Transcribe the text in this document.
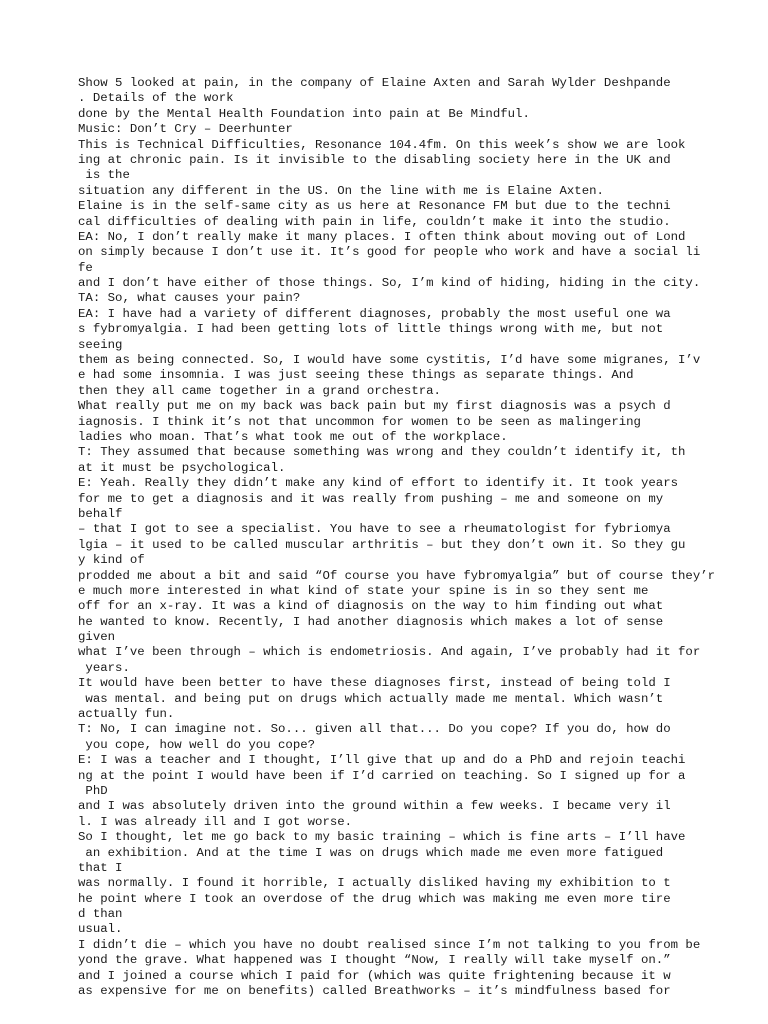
Show 5 looked at pain, in the company of Elaine Axten and Sarah Wylder Deshpande
. Details of the work
done by the Mental Health Foundation into pain at Be Mindful.
Music: Don’t Cry – Deerhunter
This is Technical Difficulties, Resonance 104.4fm. On this week’s show we are look
ing at chronic pain. Is it invisible to the disabling society here in the UK and
is the
situation any different in the US. On the line with me is Elaine Axten.
Elaine is in the self-same city as us here at Resonance FM but due to the techni
cal difficulties of dealing with pain in life, couldn’t make it into the studio.
EA: No, I don’t really make it many places. I often think about moving out of Lond
on simply because I don’t use it. It’s good for people who work and have a social li
fe
and I don’t have either of those things. So, I’m kind of hiding, hiding in the city.
TA: So, what causes your pain?
EA: I have had a variety of different diagnoses, probably the most useful one wa
s fybromyalgia. I had been getting lots of little things wrong with me, but not
seeing
them as being connected. So, I would have some cystitis, I’d have some migranes, I’v
e had some insomnia. I was just seeing these things as separate things. And
then they all came together in a grand orchestra.
What really put me on my back was back pain but my first diagnosis was a psych d
iagnosis. I think it’s not that uncommon for women to be seen as malingering
ladies who moan. That’s what took me out of the workplace.
T: They assumed that because something was wrong and they couldn’t identify it, th
at it must be psychological.
E: Yeah. Really they didn’t make any kind of effort to identify it. It took years
for me to get a diagnosis and it was really from pushing – me and someone on my
behalf
– that I got to see a specialist. You have to see a rheumatologist for fybriomya
lgia – it used to be called muscular arthritis – but they don’t own it. So they gu
y kind of
prodded me about a bit and said “Of course you have fybromyalgia” but of course they’r
e much more interested in what kind of state your spine is in so they sent me
off for an x-ray. It was a kind of diagnosis on the way to him finding out what
he wanted to know. Recently, I had another diagnosis which makes a lot of sense
given
what I’ve been through – which is endometriosis. And again, I’ve probably had it for
years.
It would have been better to have these diagnoses first, instead of being told I
was mental. and being put on drugs which actually made me mental. Which wasn’t
actually fun.
T: No, I can imagine not. So... given all that... Do you cope? If you do, how do
you cope, how well do you cope?
E: I was a teacher and I thought, I’ll give that up and do a PhD and rejoin teachi
ng at the point I would have been if I’d carried on teaching. So I signed up for a
PhD
and I was absolutely driven into the ground within a few weeks. I became very il
l. I was already ill and I got worse.
So I thought, let me go back to my basic training – which is fine arts – I’ll have
an exhibition. And at the time I was on drugs which made me even more fatigued
that I
was normally. I found it horrible, I actually disliked having my exhibition to t
he point where I took an overdose of the drug which was making me even more tire
d than
usual.
I didn’t die – which you have no doubt realised since I’m not talking to you from be
yond the grave. What happened was I thought “Now, I really will take myself on.”
and I joined a course which I paid for (which was quite frightening because it w
as expensive for me on benefits) called Breathworks – it’s mindfulness based for
